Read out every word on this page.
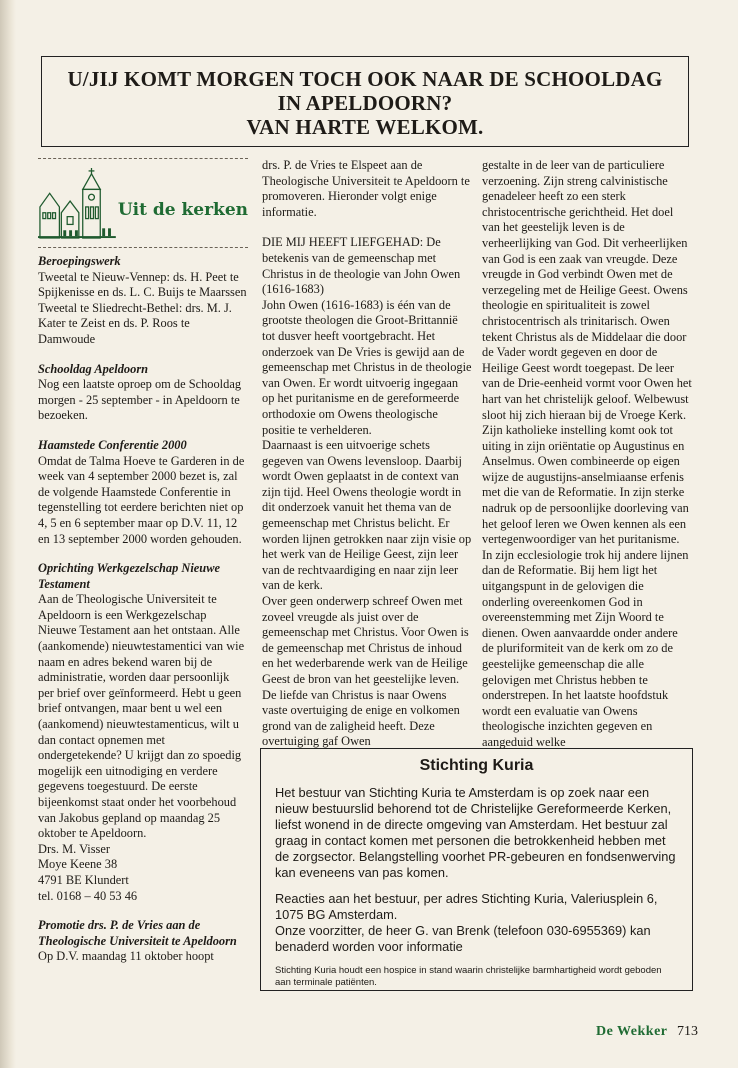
U/JIJ KOMT MORGEN TOCH OOK NAAR DE SCHOOLDAG
IN APELDOORN?
VAN HARTE WELKOM.
Uit de kerken
Beroepingswerk

Tweetal te Nieuw-Vennep: ds. H. Peet te Spijkenisse en ds. L. C. Buijs te Maarssen

Tweetal te Sliedrecht-Bethel: drs. M. J. Kater te Zeist en ds. P. Roos te Damwoude

Schooldag Apeldoorn

Nog een laatste oproep om de Schooldag morgen - 25 september - in Apeldoorn te bezoeken.

Haamstede Conferentie 2000

Omdat de Talma Hoeve te Garderen in de week van 4 september 2000 bezet is, zal de volgende Haamstede Conferentie in tegenstelling tot eerdere berichten niet op 4, 5 en 6 september maar op D.V. 11, 12 en 13 september 2000 worden gehouden.

Oprichting Werkgezelschap Nieuwe Testament

Aan de Theologische Universiteit te Apeldoorn is een Werkgezelschap Nieuwe Testament aan het ontstaan. Alle (aankomende) nieuwtestamentici van wie naam en adres bekend waren bij de administratie, worden daar persoonlijk per brief over geïnformeerd. Hebt u geen brief ontvangen, maar bent u wel een (aankomend) nieuwtestamenticus, wilt u dan contact opnemen met ondergetekende? U krijgt dan zo spoedig mogelijk een uitnodiging en verdere gegevens toegestuurd. De eerste bijeenkomst staat onder het voorbehoud van Jakobus gepland op maandag 25 oktober te Apeldoorn.

Drs. M. Visser

Moye Keene 38

4791 BE Klundert

tel. 0168 – 40 53 46

Promotie drs. P. de Vries aan de Theologische Universiteit te Apeldoorn

Op D.V. maandag 11 oktober hoopt

drs. P. de Vries te Elspeet aan de Theologische Universiteit te Apeldoorn te promoveren. Hieronder volgt enige informatie.

DIE MIJ HEEFT LIEFGEHAD: De betekenis van de gemeenschap met Christus in de theologie van John Owen (1616-1683)

John Owen (1616-1683) is één van de grootste theologen die Groot-Brittannië tot dusver heeft voortgebracht. Het onderzoek van De Vries is gewijd aan de gemeenschap met Christus in de theologie van Owen. Er wordt uitvoerig ingegaan op het puritanisme en de gereformeerde orthodoxie om Owens theologische positie te verhelderen.

Daarnaast is een uitvoerige schets gegeven van Owens levensloop. Daarbij wordt Owen geplaatst in de context van zijn tijd. Heel Owens theologie wordt in dit onderzoek vanuit het thema van de gemeenschap met Christus belicht. Er worden lijnen getrokken naar zijn visie op het werk van de Heilige Geest, zijn leer van de rechtvaardiging en naar zijn leer van de kerk.

Over geen onderwerp schreef Owen met zoveel vreugde als juist over de gemeenschap met Christus. Voor Owen is de gemeenschap met Christus de inhoud en het wederbarende werk van de Heilige Geest de bron van het geestelijke leven. De liefde van Christus is naar Owens vaste overtuiging de enige en volkomen grond van de zaligheid heeft. Deze overtuiging gaf Owen

gestalte in de leer van de particuliere verzoening. Zijn streng calvinistische genadeleer heeft zo een sterk christocentrische gerichtheid. Het doel van het geestelijk leven is de verheerlijking van God. Dit verheerlijken van God is een zaak van vreugde. Deze vreugde in God verbindt Owen met de verzegeling met de Heilige Geest. Owens theologie en spiritualiteit is zowel christocentrisch als trinitarisch. Owen tekent Christus als de Middelaar die door de Vader wordt gegeven en door de Heilige Geest wordt toegepast. De leer van de Drie-eenheid vormt voor Owen het hart van het christelijk geloof. Welbewust sloot hij zich hieraan bij de Vroege Kerk. Zijn katholieke instelling komt ook tot uiting in zijn oriëntatie op Augustinus en Anselmus. Owen combineerde op eigen wijze de augustijns-anselmiaanse erfenis met die van de Reformatie. In zijn sterke nadruk op de persoonlijke doorleving van het geloof leren we Owen kennen als een vertegenwoordiger van het puritanisme. In zijn ecclesiologie trok hij andere lijnen dan de Reformatie. Bij hem ligt het uitgangspunt in de gelovigen die onderling overeenkomen God in overeenstemming met Zijn Woord te dienen. Owen aanvaardde onder andere de pluriformiteit van de kerk om zo de geestelijke gemeenschap die alle gelovigen met Christus hebben te onderstrepen. In het laatste hoofdstuk wordt een evaluatie van Owens theologische inzichten gegeven en aangeduid welke

Stichting Kuria

Het bestuur van Stichting Kuria te Amsterdam is op zoek naar een nieuw bestuurslid behorend tot de Christelijke Gereformeerde Kerken, liefst wonend in de directe omgeving van Amsterdam. Het bestuur zal graag in contact komen met personen die betrokkenheid hebben met de zorgsector. Belangstelling voorhet PR-gebeuren en fondsenwerving kan eveneens van pas komen.

Reacties aan het bestuur, per adres Stichting Kuria, Valeriusplein 6, 1075 BG Amsterdam.

Onze voorzitter, de heer G. van Brenk (telefoon 030-6955369) kan benaderd worden voor informatie

Stichting Kuria houdt een hospice in stand waarin christelijke barmhartigheid wordt geboden aan terminale patiënten.
De Wekker 713
